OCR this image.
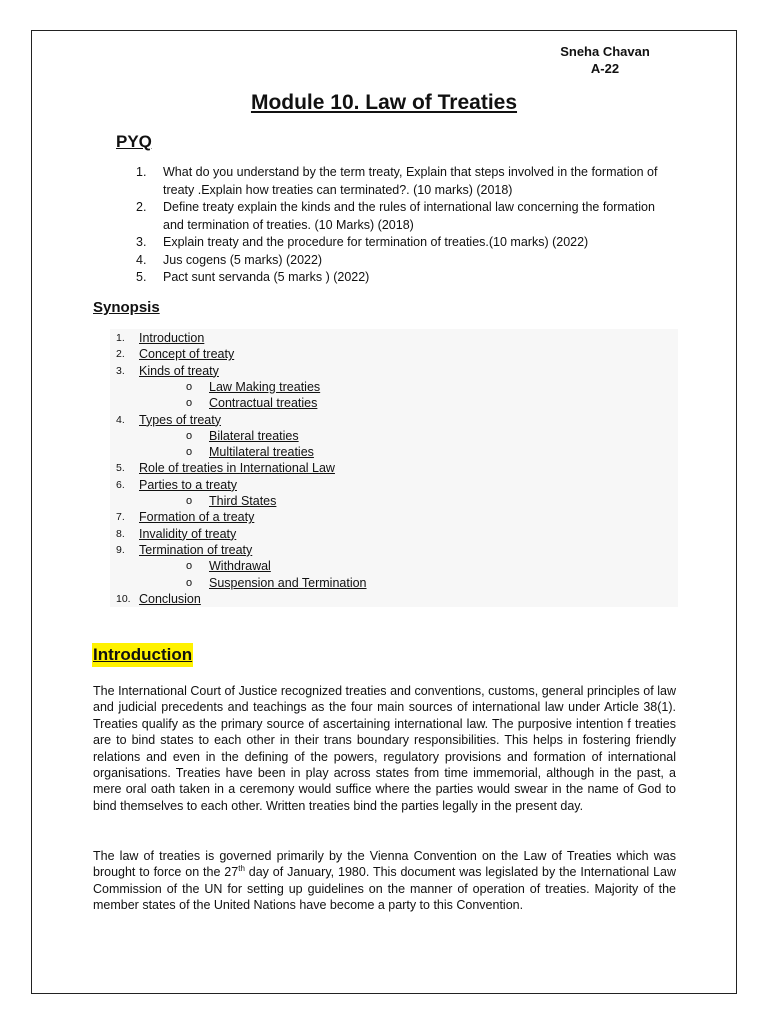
Sneha Chavan
A-22
Module 10. Law of Treaties
PYQ
1.	What do you understand by the term treaty, Explain that steps involved in the formation of treaty .Explain how treaties can terminated?. (10 marks) (2018)
2.	Define treaty explain the kinds and the rules of international law concerning the formation and termination of treaties. (10 Marks) (2018)
3.	Explain treaty and the procedure for termination of treaties.(10 marks) (2022)
4.	Jus cogens (5 marks) (2022)
5.	Pact sunt servanda (5 marks ) (2022)
Synopsis
1.	Introduction
2.	Concept of treaty
3.	Kinds of treaty
o Law Making treaties
o Contractual treaties
4.	Types of treaty
o Bilateral treaties
o Multilateral treaties
5.	Role of treaties in International Law
6.	Parties to a treaty
o Third States
7.	Formation of a treaty
8.	Invalidity of treaty
9.	Termination of treaty
o Withdrawal
o Suspension and Termination
10. Conclusion
Introduction
The International Court of Justice recognized treaties and conventions, customs, general principles of law and judicial precedents and teachings as the four main sources of international law under Article 38(1). Treaties qualify as the primary source of ascertaining international law. The purposive intention f treaties are to bind states to each other in their trans boundary responsibilities. This helps in fostering friendly relations and even in the defining of the powers, regulatory provisions and formation of international organisations. Treaties have been in play across states from time immemorial, although in the past, a mere oral oath taken in a ceremony would suffice where the parties would swear in the name of God to bind themselves to each other. Written treaties bind the parties legally in the present day.
The law of treaties is governed primarily by the Vienna Convention on the Law of Treaties which was brought to force on the 27th day of January, 1980. This document was legislated by the International Law Commission of the UN for setting up guidelines on the manner of operation of treaties. Majority of the member states of the United Nations have become a party to this Convention.
